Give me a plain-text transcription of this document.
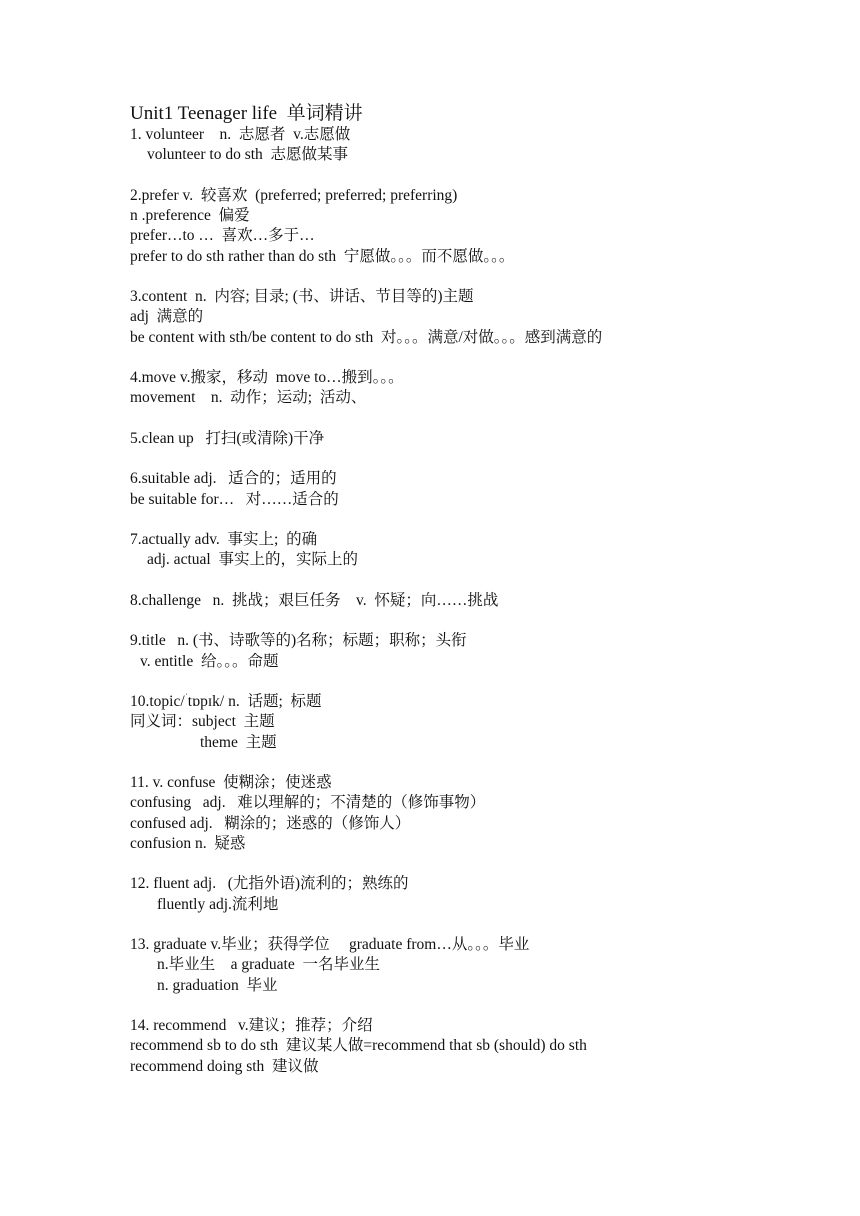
Unit1 Teenager life  单词精讲
1. volunteer    n.  志愿者  v.志愿做
volunteer to do sth  志愿做某事
2.prefer v.  较喜欢  (preferred; preferred; preferring)
n .preference  偏爱
prefer…to …  喜欢…多于…
prefer to do sth rather than do sth  宁愿做。。。而不愿做。。。
3.content  n.  内容; 目录; (书、讲话、节目等的)主题
adj  满意的
be content with sth/be content to do sth  对。。。满意/对做。。。感到满意的
4.move v.搬家，移动  move to…搬到。。。
movement    n.  动作；运动;  活动、
5.clean up   打扫(或清除)干净
6.suitable adj.   适合的；适用的
be suitable for…   对……适合的
7.actually adv.  事实上;  的确
adj. actual  事实上的，实际上的
8.challenge   n.  挑战；艰巨任务    v.  怀疑；向……挑战
9.title   n. (书、诗歌等的)名称；标题；职称；头衔
v. entitle  给。。。命题
10.topic/$^ˈ$tɒpɪk/ n.  话题;  标题
同义词：subject  主题
theme  主题
11. v. confuse  使糊涂；使迷惑
confusing   adj.   难以理解的；不清楚的（修饰事物）
confused adj.   糊涂的；迷惑的（修饰人）
confusion n.  疑惑
12. fluent adj.   (尤指外语)流利的；熟练的
fluently adj.流利地
13. graduate v.毕业；获得学位     graduate from…从。。。毕业
n.毕业生    a graduate  一名毕业生
n. graduation  毕业
14. recommend   v.建议；推荐；介绍
recommend sb to do sth  建议某人做=recommend that sb (should) do sth
recommend doing sth  建议做
